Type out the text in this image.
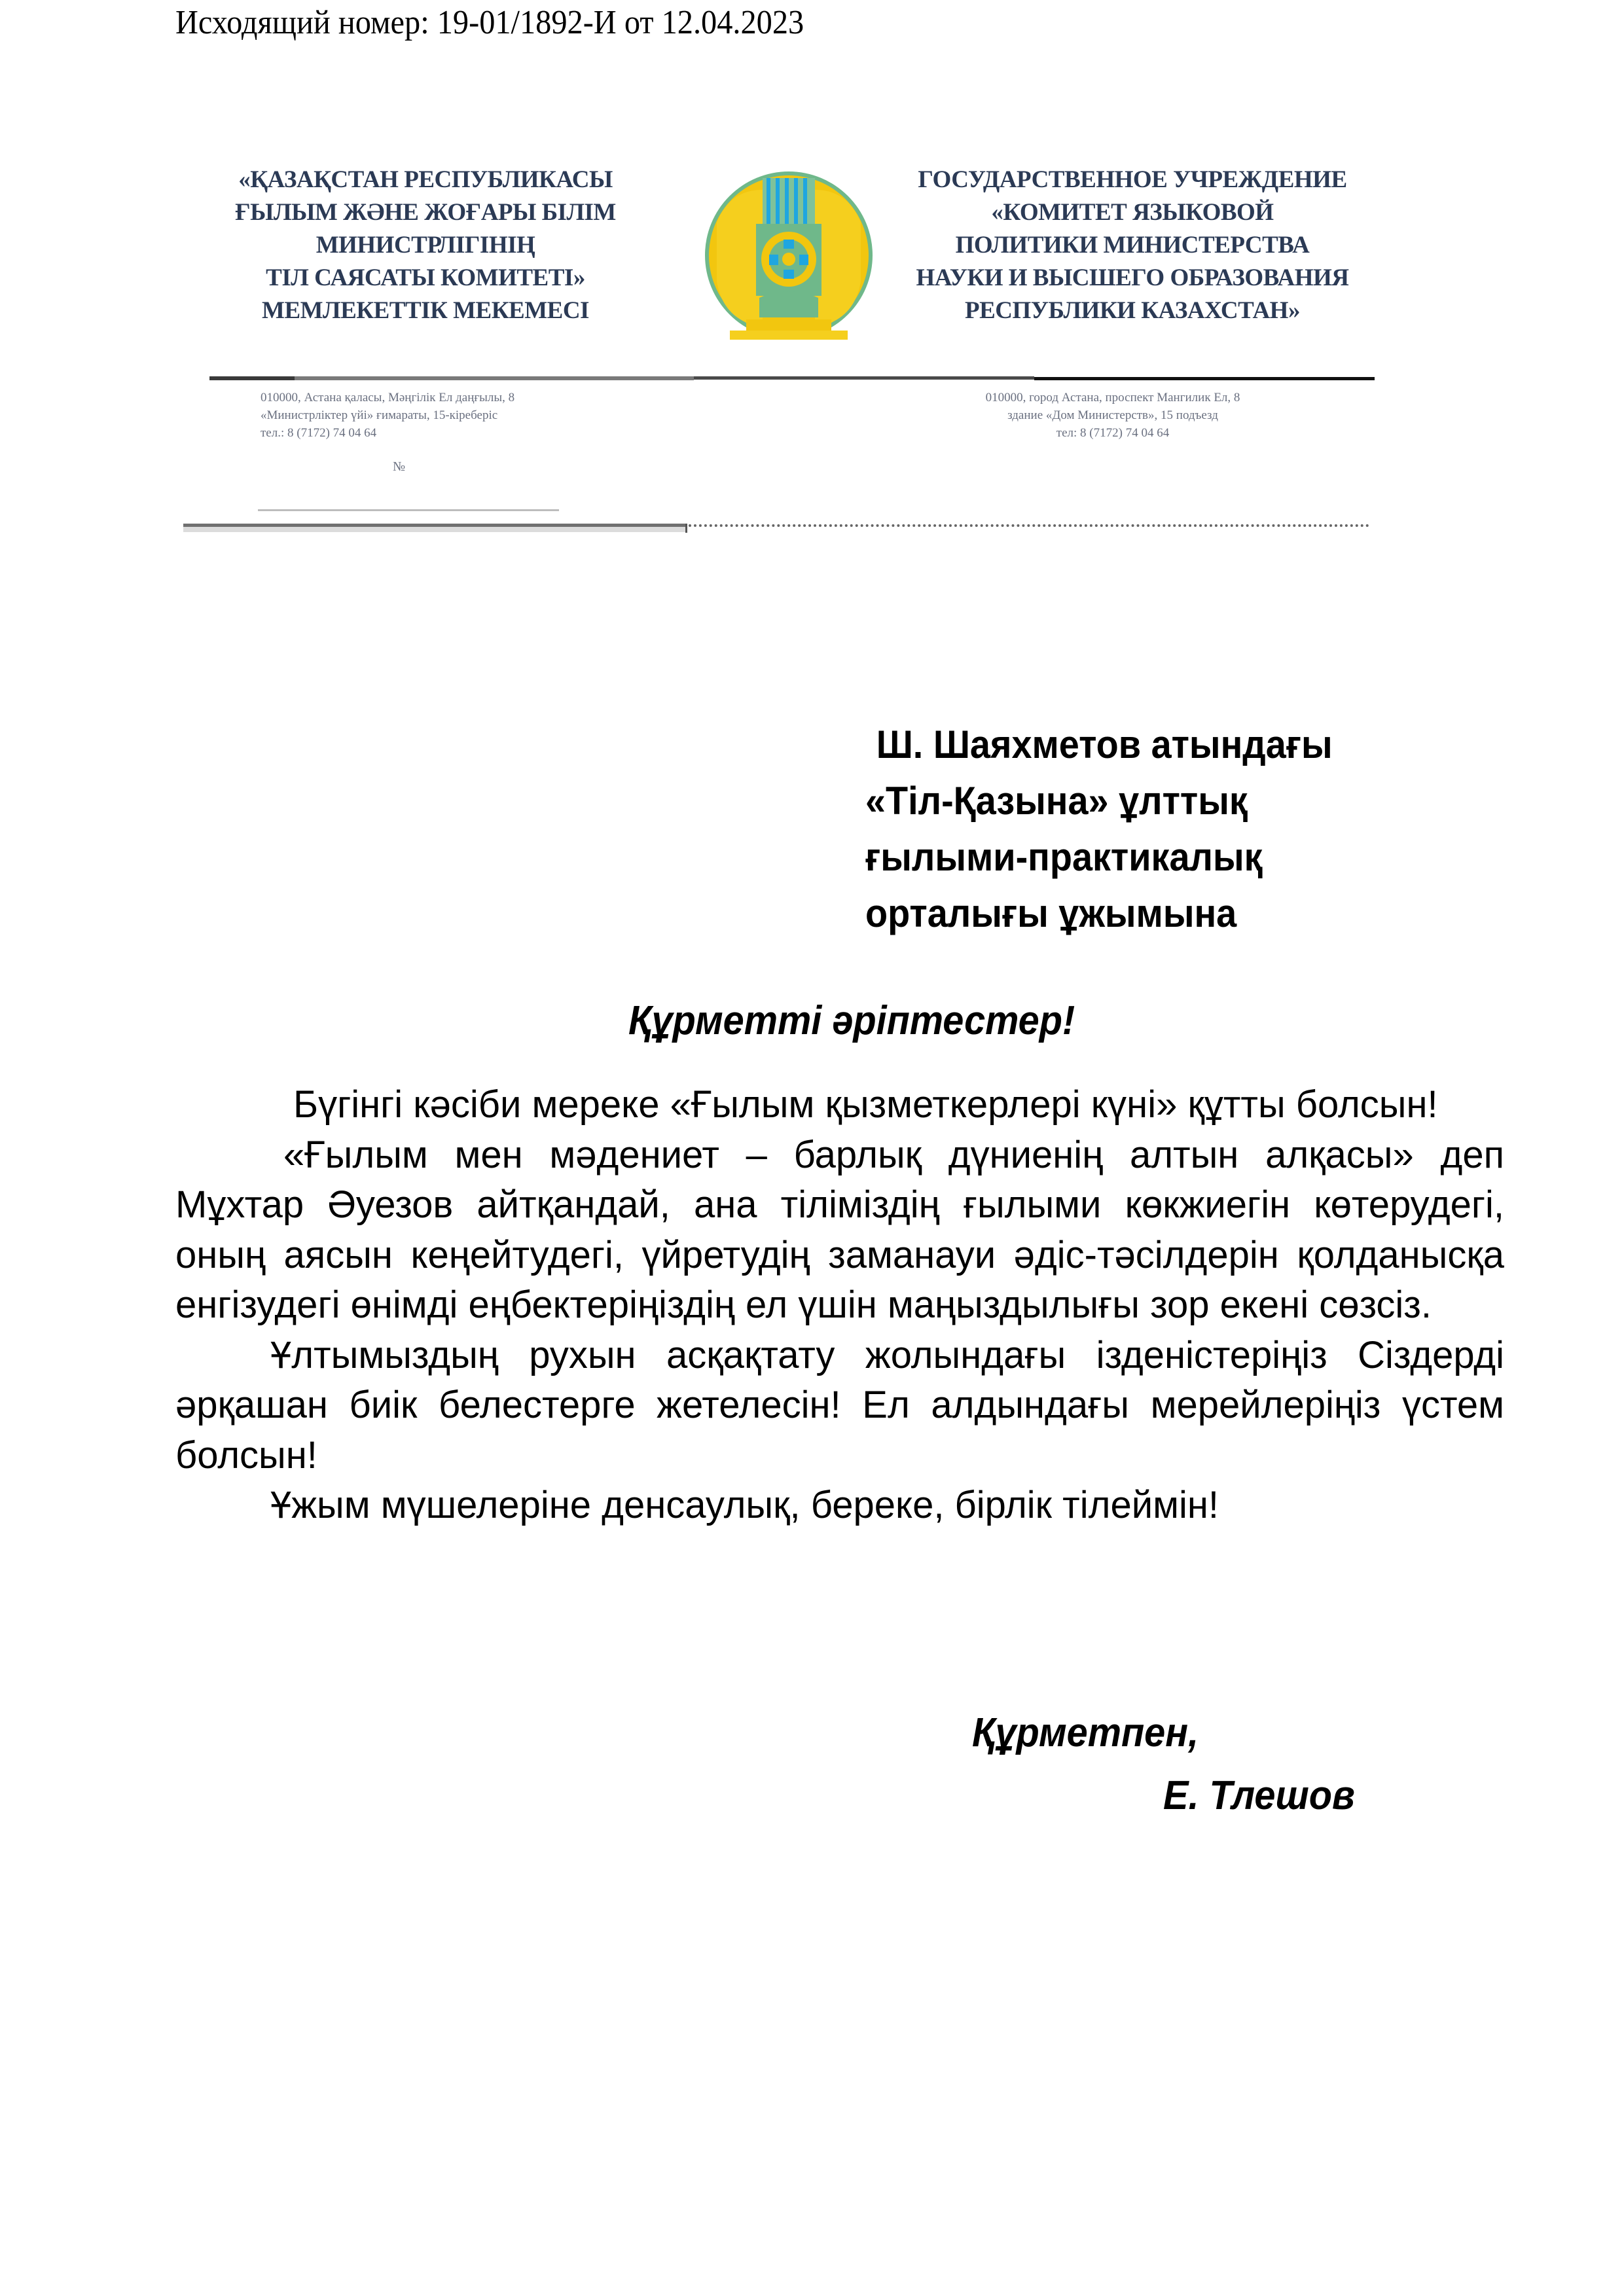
Исходящий номер: 19-01/1892-И от 12.04.2023
«ҚАЗАҚСТАН РЕСПУБЛИКАСЫ
ҒЫЛЫМ ЖӘНЕ ЖОҒАРЫ БІЛІМ
МИНИСТРЛІГІНІҢ
ТІЛ САЯСАТЫ КОМИТЕТІ»
МЕМЛЕКЕТТІК МЕКЕМЕСІ
ГОСУДАРСТВЕННОЕ УЧРЕЖДЕНИЕ
«КОМИТЕТ ЯЗЫКОВОЙ
ПОЛИТИКИ МИНИСТЕРСТВА
НАУКИ И ВЫСШЕГО ОБРАЗОВАНИЯ
РЕСПУБЛИКИ КАЗАХСТАН»
010000, Астана қаласы, Мәңгілік Ел даңғылы, 8
«Министрліктер үйі» ғимараты, 15-кіреберіс
тел.: 8 (7172) 74 04 64
010000, город Астана, проспект Мангилик Ел, 8
здание «Дом Министерств», 15 подъезд
тел: 8 (7172) 74 04 64
№
Ш. Шаяхметов атындағы
«Тіл-Қазына» ұлттық
ғылыми-практикалық
орталығы ұжымына
Құрметті әріптестер!

Бүгінгі кәсіби мереке «Ғылым қызметкерлері күні» құтты болсын!

«Ғылым мен мәдениет – барлық дүниенің алтын алқасы» деп Мұхтар Әуезов айтқандай, ана тіліміздің ғылыми көкжиегін көтерудегі, оның аясын кеңейтудегі, үйретудің заманауи әдіс-тәсілдерін қолданысқа енгізудегі өнімді еңбектеріңіздің ел үшін маңыздылығы зор екені сөзсіз.

Ұлтымыздың рухын асқақтату жолындағы ізденістеріңіз Сіздерді әрқашан биік белестерге жетелесін! Ел алдындағы мерейлеріңіз үстем болсын!

Ұжым мүшелеріне денсаулық, береке, бірлік тілеймін!

Құрметпен,
Е. Тлешов
